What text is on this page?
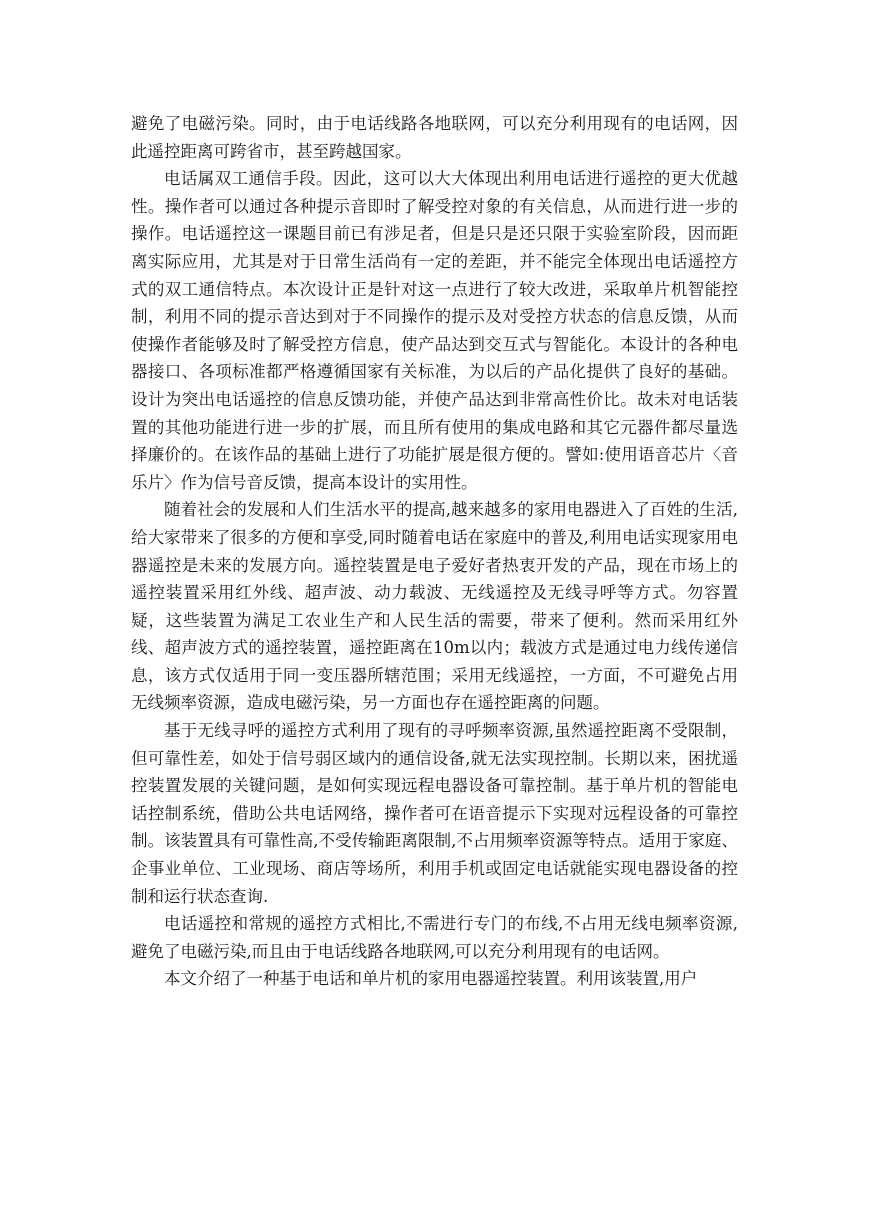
避免了电磁污染。同时，由于电话线路各地联网，可以充分利用现有的电话网，因此遥控距离可跨省市，甚至跨越国家。

电话属双工通信手段。因此，这可以大大体现出利用电话进行遥控的更大优越性。操作者可以通过各种提示音即时了解受控对象的有关信息，从而进行进一步的操作。电话遥控这一课题目前已有涉足者，但是只是还只限于实验室阶段，因而距离实际应用，尤其是对于日常生活尚有一定的差距，并不能完全体现出电话遥控方式的双工通信特点。本次设计正是针对这一点进行了较大改进，采取单片机智能控制，利用不同的提示音达到对于不同操作的提示及对受控方状态的信息反馈，从而使操作者能够及时了解受控方信息，使产品达到交互式与智能化。本设计的各种电器接口、各项标准都严格遵循国家有关标准，为以后的产品化提供了良好的基础。设计为突出电话遥控的信息反馈功能，并使产品达到非常高性价比。故未对电话装置的其他功能进行进一步的扩展，而且所有使用的集成电路和其它元器件都尽量选择廉价的。在该作品的基础上进行了功能扩展是很方便的。譬如:使用语音芯片〈音乐片〉作为信号音反馈，提高本设计的实用性。

随着社会的发展和人们生活水平的提高,越来越多的家用电器进入了百姓的生活,给大家带来了很多的方便和享受,同时随着电话在家庭中的普及,利用电话实现家用电器遥控是未来的发展方向。遥控装置是电子爱好者热衷开发的产品，现在市场上的遥控装置采用红外线、超声波、动力载波、无线遥控及无线寻呼等方式。勿容置疑，这些装置为满足工农业生产和人民生活的需要，带来了便利。然而采用红外线、超声波方式的遥控装置，遥控距离在10m以内；载波方式是通过电力线传递信息，该方式仅适用于同一变压器所辖范围；采用无线遥控，一方面，不可避免占用无线频率资源，造成电磁污染，另一方面也存在遥控距离的问题。

基于无线寻呼的遥控方式利用了现有的寻呼频率资源,虽然遥控距离不受限制，但可靠性差，如处于信号弱区域内的通信设备,就无法实现控制。长期以来，困扰遥控装置发展的关键问题，是如何实现远程电器设备可靠控制。基于单片机的智能电话控制系统，借助公共电话网络，操作者可在语音提示下实现对远程设备的可靠控制。该装置具有可靠性高,不受传输距离限制,不占用频率资源等特点。适用于家庭、企事业单位、工业现场、商店等场所，利用手机或固定电话就能实现电器设备的控制和运行状态查询.

电话遥控和常规的遥控方式相比,不需进行专门的布线,不占用无线电频率资源,避免了电磁污染,而且由于电话线路各地联网,可以充分利用现有的电话网。

本文介绍了一种基于电话和单片机的家用电器遥控装置。利用该装置,用户
